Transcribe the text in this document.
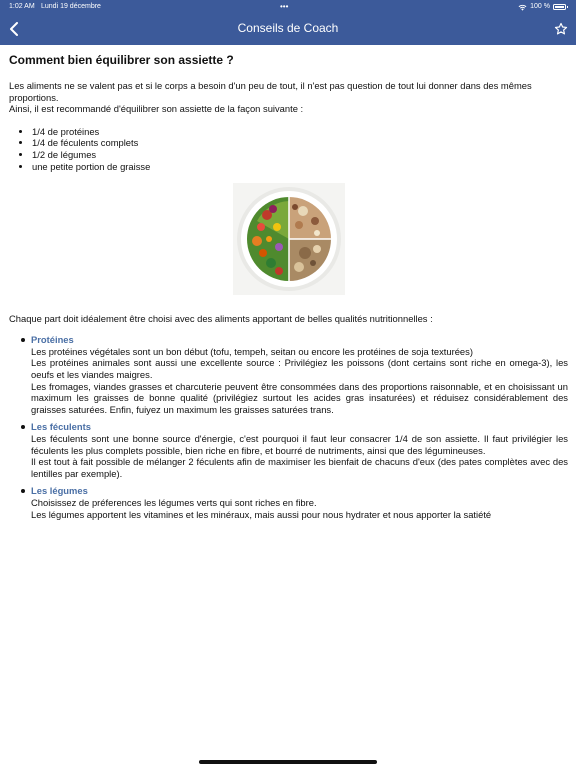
1:02 AM Lundi 19 décembre	•••	100 %
Conseils de Coach
Comment bien équilibrer son assiette ?

Les aliments ne se valent pas et si le corps a besoin d'un peu de tout, il n'est pas question de tout lui donner dans des mêmes proportions.

Ainsi, il est recommandé d'équilibrer son assiette de la façon suivante :

• 1/4 de protéines
• 1/4 de féculents complets
• 1/2 de légumes
• une petite portion de graisse

Chaque part doit idéalement être choisi avec des aliments apportant de belles qualités nutritionnelles :

Protéines
Les protéines végétales sont un bon début (tofu, tempeh, seitan ou encore les protéines de soja texturées)
Les protéines animales sont aussi une excellente source : Privilégiez les poissons (dont certains sont riche en omega-3), les oeufs et les viandes maigres.
Les fromages, viandes grasses et charcuterie peuvent être consommées dans des proportions raisonnable, et en choisissant un maximum les graisses de bonne qualité (privilégiez surtout les acides gras insaturées) et réduisez considérablement des graisses saturées. Enfin, fuiyez un maximum les graisses saturées trans.
Les féculents
Les féculents sont une bonne source d'énergie, c'est pourquoi il faut leur consacrer 1/4 de son assiette. Il faut privilégier les féculents les plus complets possible, bien riche en fibre, et bourré de nutriments, ainsi que des légumineuses.
Il est tout à fait possible de mélanger 2 féculents afin de maximiser les bienfait de chacuns d'eux (des pates complètes avec des lentilles par exemple).
Les légumes
Choisissez de préferences les légumes verts qui sont riches en fibre.
Les légumes apportent les vitamines et les minéraux, mais aussi pour nous hydrater et nous apporter la satiété
